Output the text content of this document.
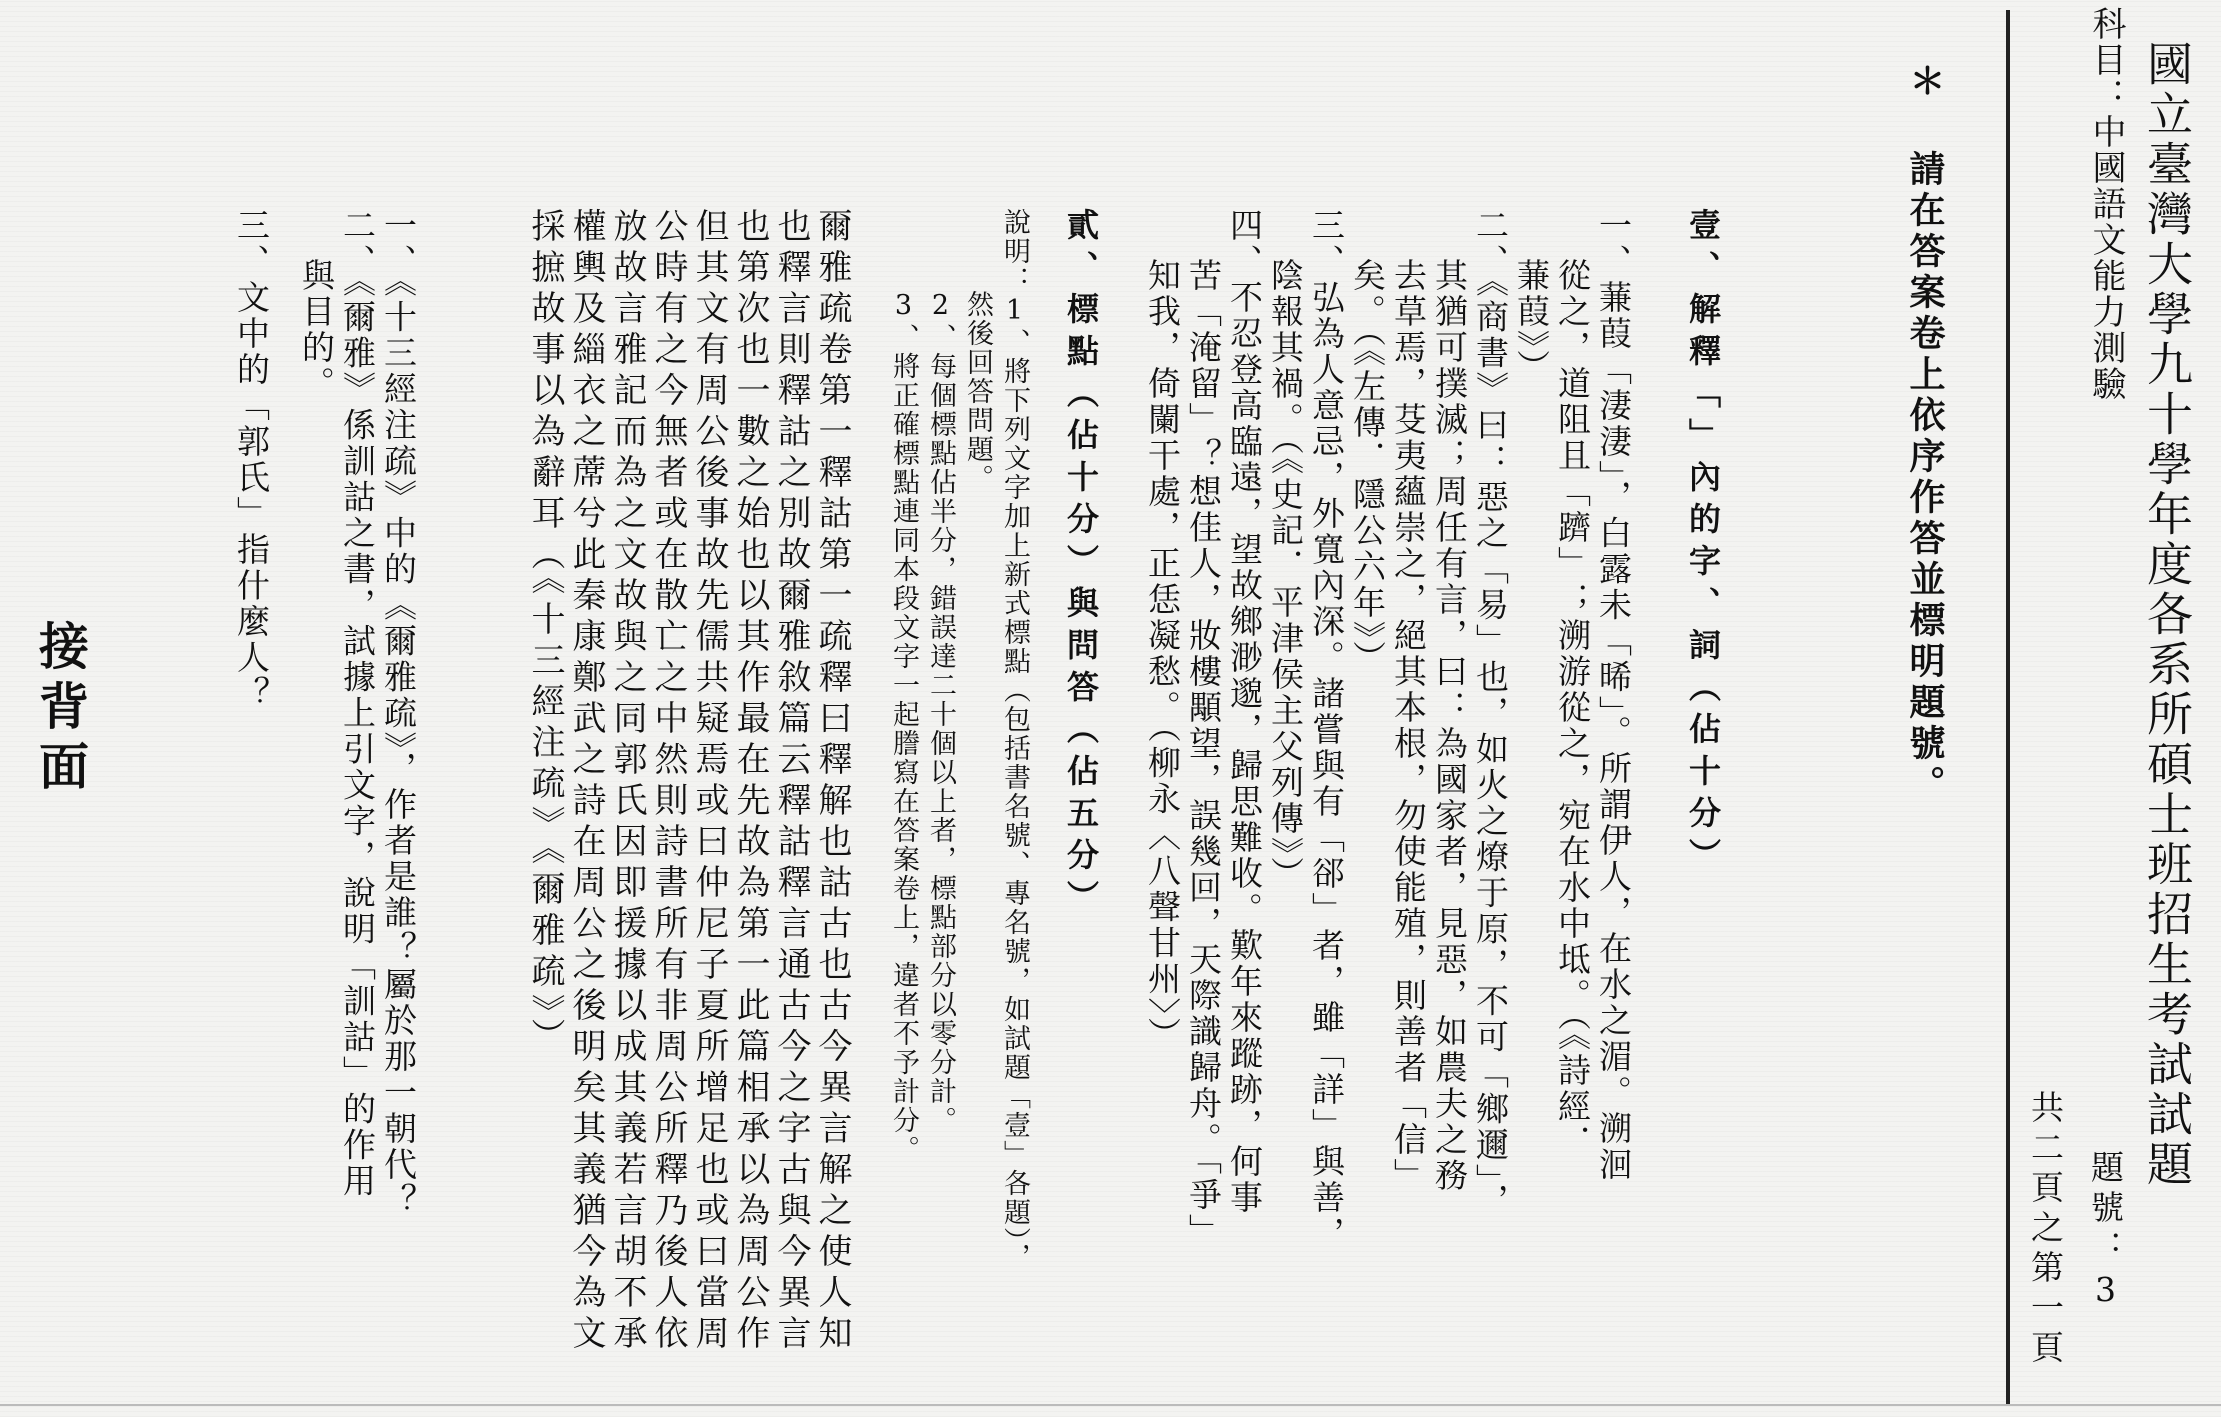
國立臺灣大學九十學年度各系所碩士班招生考試試題
科目：中國語文能力測驗
題號：3
共二頁之第一頁
＊ 請在答案卷上依序作答並標明題號。
壹、解釋「」內的字、詞（佔十分）
一、蒹葭「淒淒」，白露未「晞」。所謂伊人，在水之湄。溯洄
從之，道阻且「躋」；溯游從之，宛在水中坻。（《詩經．
蒹葭》）
二、《商書》曰：惡之「易」也，如火之燎于原，不可「鄉邇」，
其猶可撲滅；周任有言，曰：為國家者，見惡，如農夫之務
去草焉，芟夷蘊崇之，絕其本根，勿使能殖，則善者「信」
矣。（《左傳．隱公六年》）
三、弘為人意忌，外寬內深。諸嘗與有「郤」者，雖「詳」與善，
陰報其禍。（《史記．平津侯主父列傳》）
四、不忍登高臨遠，望故鄉渺邈，歸思難收。歎年來蹤跡，何事
苦「淹留」？想佳人，妝樓顒望，誤幾回，天際識歸舟。「爭」
知我，倚闌干處，正恁凝愁。（柳永〈八聲甘州〉）
貳、標點（佔十分）與問答（佔五分）
說明：1、將下列文字加上新式標點（包括書名號、專名號，如試題「壹」各題），
然後回答問題。
2、每個標點佔半分，錯誤達二十個以上者，標點部分以零分計。
3、將正確標點連同本段文字一起謄寫在答案卷上，違者不予計分。
爾雅疏卷第一釋詁第一疏釋曰釋解也詁古也古今異言解之使人知
也釋言則釋詁之別故爾雅敘篇云釋詁釋言通古今之字古與今異言
也第次也一數之始也以其作最在先故為第一此篇相承以為周公作
但其文有周公後事故先儒共疑焉或曰仲尼子夏所增足也或曰當周
公時有之今無者或在散亡之中然則詩書所有非周公所釋乃後人依
放故言雅記而為之文故與之同郭氏因即援據以成其義若言胡不承
權輿及緇衣之蓆兮此秦康鄭武之詩在周公之後明矣其義猶今為文
採摭故事以為辭耳（《十三經注疏》《爾雅疏》）
一、《十三經注疏》中的《爾雅疏》，作者是誰？屬於那一朝代？
二、《爾雅》係訓詁之書，試據上引文字，說明「訓詁」的作用
與目的。
三、文中的「郭氏」指什麼人？
接背面
